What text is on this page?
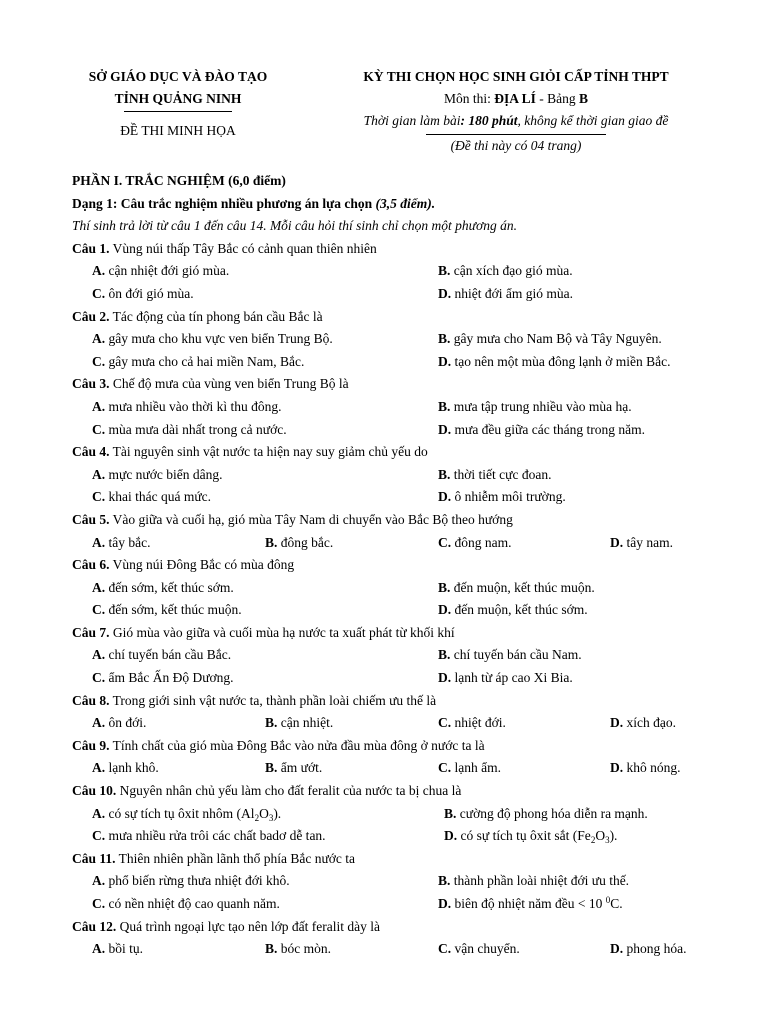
SỞ GIÁO DỤC VÀ ĐÀO TẠO
TỈNH QUẢNG NINH
ĐỀ THI MINH HỌA
KỲ THI CHỌN HỌC SINH GIỎI CẤP TỈNH THPT
Môn thi: ĐỊA LÍ - Bảng B
Thời gian làm bài: 180 phút, không kể thời gian giao đề
(Đề thi này có 04 trang)
PHẦN I. TRẮC NGHIỆM (6,0 điểm)
Dạng 1: Câu trắc nghiệm nhiều phương án lựa chọn (3,5 điểm).
Thí sinh trả lời từ câu 1 đến câu 14. Mỗi câu hỏi thí sinh chỉ chọn một phương án.
Câu 1. Vùng núi thấp Tây Bắc có cảnh quan thiên nhiên
A. cận nhiệt đới gió mùa.	B. cận xích đạo gió mùa.
C. ôn đới gió mùa.	D. nhiệt đới ẩm gió mùa.
Câu 2. Tác động của tín phong bán cầu Bắc là
A. gây mưa cho khu vực ven biển Trung Bộ.	B. gây mưa cho Nam Bộ và Tây Nguyên.
C. gây mưa cho cả hai miền Nam, Bắc.	D. tạo nên một mùa đông lạnh ở miền Bắc.
Câu 3. Chế độ mưa của vùng ven biển Trung Bộ là
A. mưa nhiều vào thời kì thu đông.	B. mưa tập trung nhiều vào mùa hạ.
C. mùa mưa dài nhất trong cả nước.	D. mưa đều giữa các tháng trong năm.
Câu 4. Tài nguyên sinh vật nước ta hiện nay suy giảm chủ yếu do
A. mực nước biển dâng.	B. thời tiết cực đoan.
C. khai thác quá mức.	D. ô nhiễm môi trường.
Câu 5. Vào giữa và cuối hạ, gió mùa Tây Nam di chuyển vào Bắc Bộ theo hướng
A. tây bắc.	B. đông bắc.	C. đông nam.	D. tây nam.
Câu 6. Vùng núi Đông Bắc có mùa đông
A. đến sớm, kết thúc sớm.	B. đến muộn, kết thúc muộn.
C. đến sớm, kết thúc muộn.	D. đến muộn, kết thúc sớm.
Câu 7. Gió mùa vào giữa và cuối mùa hạ nước ta xuất phát từ khối khí
A. chí tuyến bán cầu Bắc.	B. chí tuyến bán cầu Nam.
C. ẩm Bắc Ấn Độ Dương.	D. lạnh từ áp cao Xi Bia.
Câu 8. Trong giới sinh vật nước ta, thành phần loài chiếm ưu thế là
A. ôn đới.	B. cận nhiệt.	C. nhiệt đới.	D. xích đạo.
Câu 9. Tính chất của gió mùa Đông Bắc vào nửa đầu mùa đông ở nước ta là
A. lạnh khô.	B. ẩm ướt.	C. lạnh ẩm.	D. khô nóng.
Câu 10. Nguyên nhân chủ yếu làm cho đất feralit của nước ta bị chua là
A. có sự tích tụ ôxit nhôm $(Al_2O_3)$.	B. cường độ phong hóa diễn ra mạnh.
C. mưa nhiều rửa trôi các chất badơ dễ tan.	D. có sự tích tụ ôxit sắt $(Fe_2O_3)$.
Câu 11. Thiên nhiên phần lãnh thổ phía Bắc nước ta
A. phổ biến rừng thưa nhiệt đới khô.	B. thành phần loài nhiệt đới ưu thế.
C. có nền nhiệt độ cao quanh năm.	D. biên độ nhiệt năm đều < 10 $^0$C.
Câu 12. Quá trình ngoại lực tạo nên lớp đất feralit dày là
A. bồi tụ.	B. bóc mòn.	C. vận chuyển.	D. phong hóa.
